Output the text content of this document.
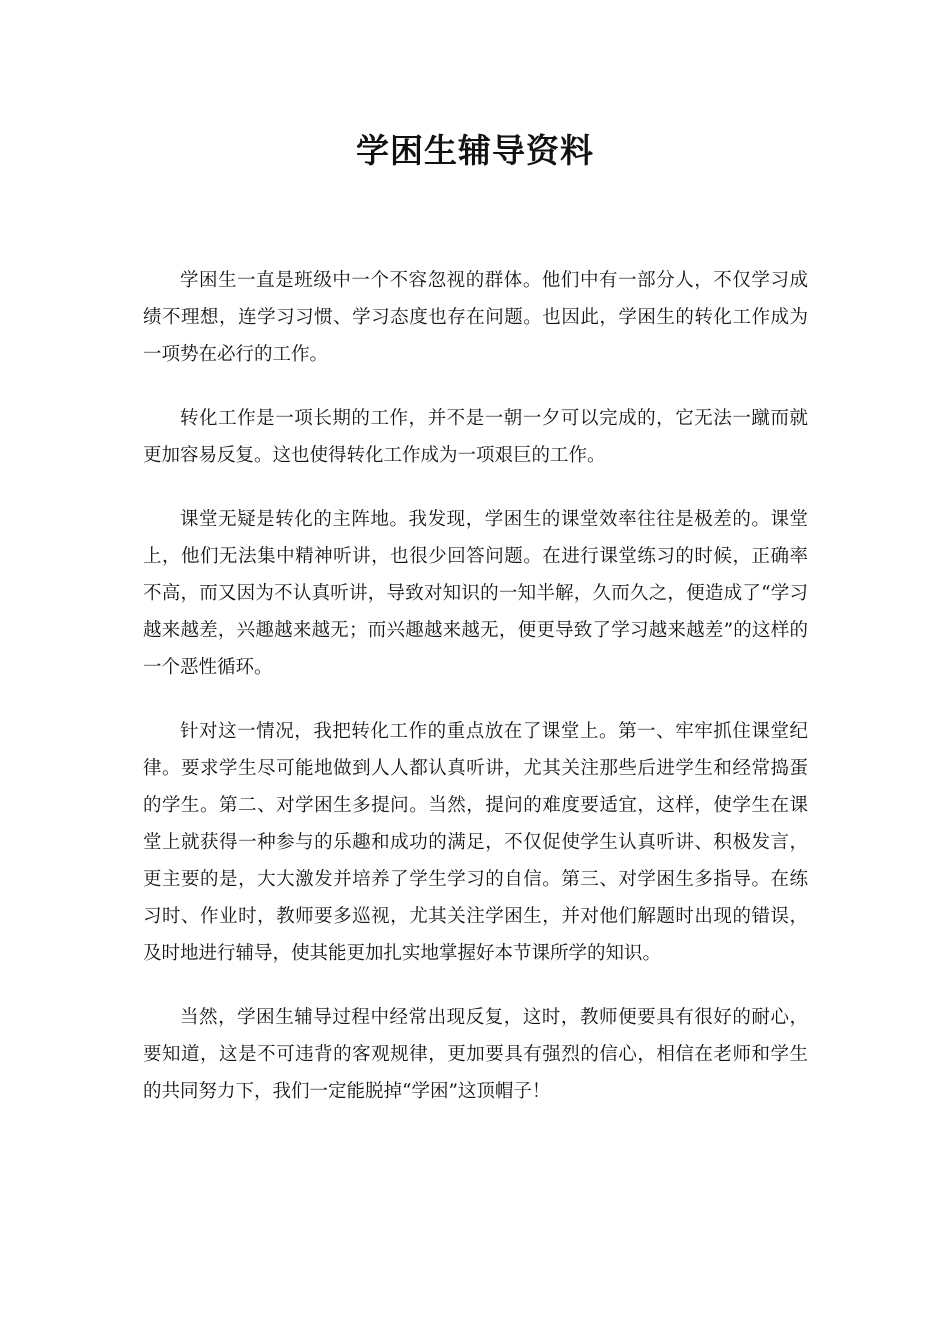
学困生辅导资料

学困生一直是班级中一个不容忽视的群体。他们中有一部分人，不仅学习成绩不理想，连学习习惯、学习态度也存在问题。也因此，学困生的转化工作成为一项势在必行的工作。

转化工作是一项长期的工作，并不是一朝一夕可以完成的，它无法一蹴而就更加容易反复。这也使得转化工作成为一项艰巨的工作。

课堂无疑是转化的主阵地。我发现，学困生的课堂效率往往是极差的。课堂上，他们无法集中精神听讲，也很少回答问题。在进行课堂练习的时候，正确率不高，而又因为不认真听讲，导致对知识的一知半解，久而久之，便造成了“学习越来越差，兴趣越来越无；而兴趣越来越无，便更导致了学习越来越差”的这样的一个恶性循环。

针对这一情况，我把转化工作的重点放在了课堂上。第一、牢牢抓住课堂纪律。要求学生尽可能地做到人人都认真听讲，尤其关注那些后进学生和经常捣蛋的学生。第二、对学困生多提问。当然，提问的难度要适宜，这样，使学生在课堂上就获得一种参与的乐趣和成功的满足，不仅促使学生认真听讲、积极发言，更主要的是，大大激发并培养了学生学习的自信。第三、对学困生多指导。在练习时、作业时，教师要多巡视，尤其关注学困生，并对他们解题时出现的错误，及时地进行辅导，使其能更加扎实地掌握好本节课所学的知识。

当然，学困生辅导过程中经常出现反复，这时，教师便要具有很好的耐心，要知道，这是不可违背的客观规律，更加要具有强烈的信心，相信在老师和学生的共同努力下，我们一定能脱掉“学困”这顶帽子！
